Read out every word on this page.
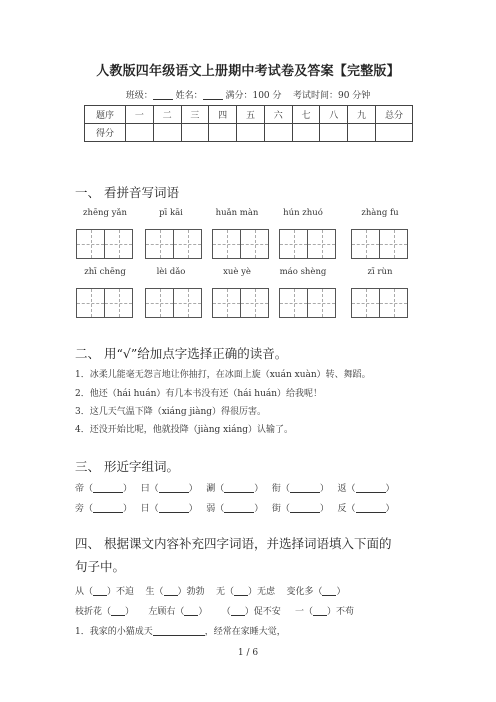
人教版四年级语文上册期中考试卷及答案【完整版】
班级：	姓名：	满分：100 分 考试时间：90 分钟
题序	一	二	三	四	五	六	七	八	九	总分
得分										
一、 看拼音写词语
zhēng yǎn	pī kāi	huǎn màn	hún zhuó	zhàng fu
zhī chēng	lèi dǎo	xuè yè	máo shèng	zī rùn
二、 用“√”给加点字选择正确的读音。
1．冰柔儿能毫无怨言地让你抽打，在冰面上旋（xuán xuàn）转、舞蹈。
2．他还（hái huán）有几本书没有还（hái huán）给我呢！
3．这几天气温下降（xiáng jiàng）得很厉害。
4．还没开始比呢，他就投降（jiàng xiáng）认输了。
三、 形近字组词。
帝（	）   曰（	）   涮（	）   衔（	）   返（	）
旁（	）   日（	）   弱（	）   街（	）   反（	）
四、 根据课文内容补充四字词语，并选择词语填入下面的
句子中。
从（ ）不迫 生（ ）勃勃 无（ ）无虑 变化多（ ）
枝折花（ ） 左顾右（ ） （ ）促不安 一（ ）不苟
1．我家的小猫成天	，经常在家睡大觉，
1 / 6
